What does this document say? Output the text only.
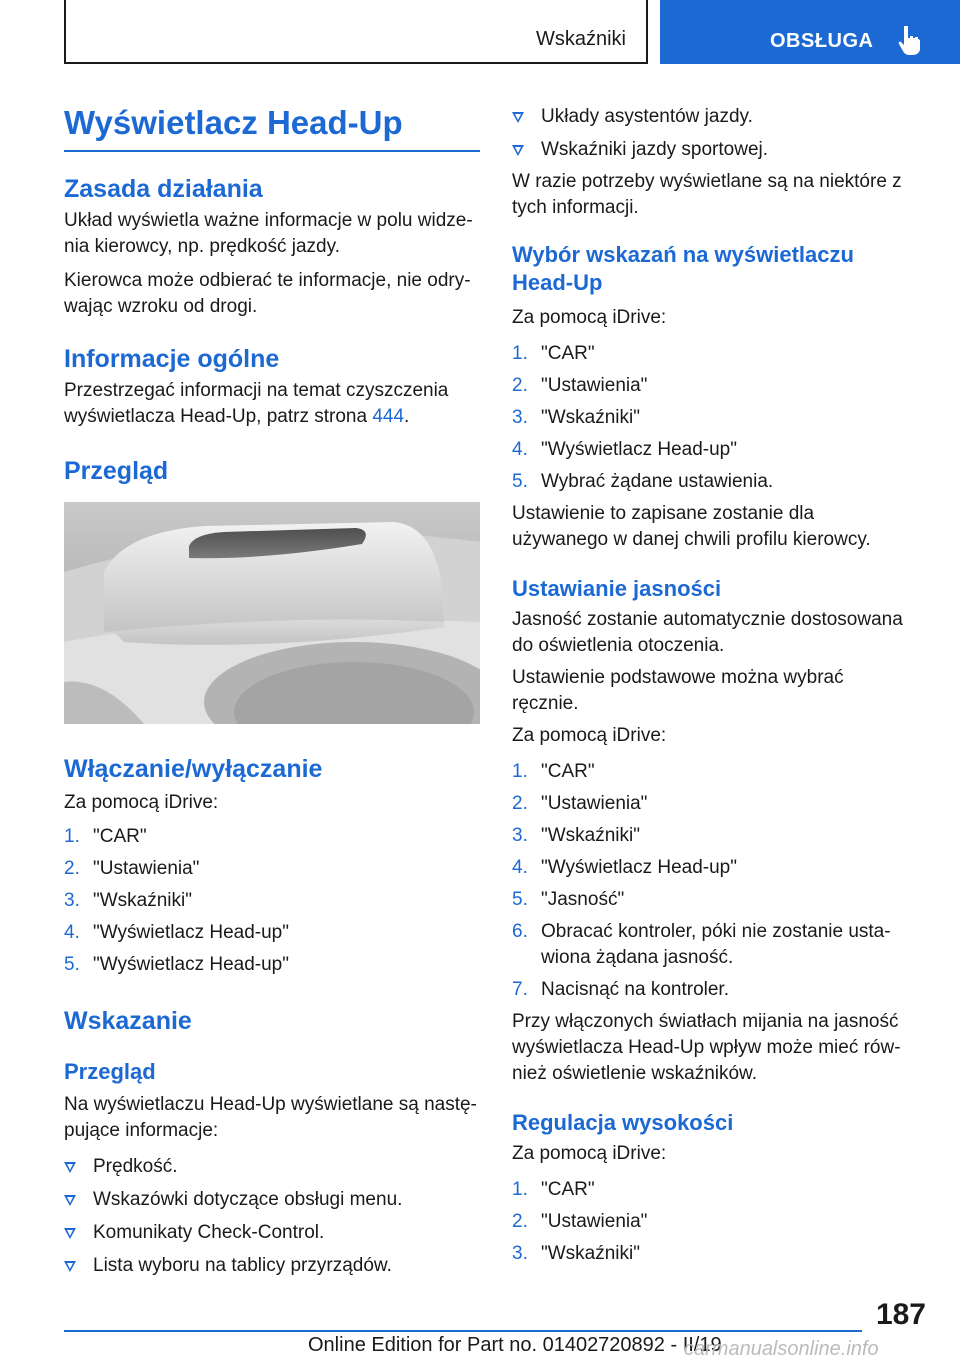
Wskaźniki	OBSŁUGA
Wyświetlacz Head-Up
Zasada działania

Układ wyświetla ważne informacje w polu widze- nia kierowcy, np. prędkość jazdy.

Kierowca może odbierać te informacje, nie odry- wając wzroku od drogi.

Informacje ogólne

Przestrzegać informacji na temat czyszczenia wyświetlacza Head-Up, patrz strona 444.

Przegląd
Włączanie/wyłączanie

Za pomocą iDrive:

1. "CAR"
2. "Ustawienia"
3. "Wskaźniki"
4. "Wyświetlacz Head-up"
5. "Wyświetlacz Head-up"
Wskazanie
Przegląd

Na wyświetlaczu Head-Up wyświetlane są nastę- pujące informacje:

Prędkość.
Wskazówki dotyczące obsługi menu.
Komunikaty Check-Control.
Lista wyboru na tablicy przyrządów.
Układy asystentów jazdy.
Wskaźniki jazdy sportowej.

W razie potrzeby wyświetlane są na niektóre z tych informacji.

Wybór wskazań na wyświetlaczu Head-Up

Za pomocą iDrive:

1. "CAR"
2. "Ustawienia"
3. "Wskaźniki"
4. "Wyświetlacz Head-up"
5. Wybrać żądane ustawienia.

Ustawienie to zapisane zostanie dla używanego w danej chwili profilu kierowcy.

Ustawianie jasności

Jasność zostanie automatycznie dostosowana do oświetlenia otoczenia.

Ustawienie podstawowe można wybrać ręcznie.

Za pomocą iDrive:

1. "CAR"
2. "Ustawienia"
3. "Wskaźniki"
4. "Wyświetlacz Head-up"
5. "Jasność"
6. Obracać kontroler, póki nie zostanie usta- wiona żądana jasność.
7. Nacisnąć na kontroler.

Przy włączonych światłach mijania na jasność wyświetlacza Head-Up wpływ może mieć rów- nież oświetlenie wskaźników.

Regulacja wysokości

Za pomocą iDrive:

1. "CAR"
2. "Ustawienia"
3. "Wskaźniki"
187
Online Edition for Part no. 01402720892 - II/19
carmanualsonline.info
